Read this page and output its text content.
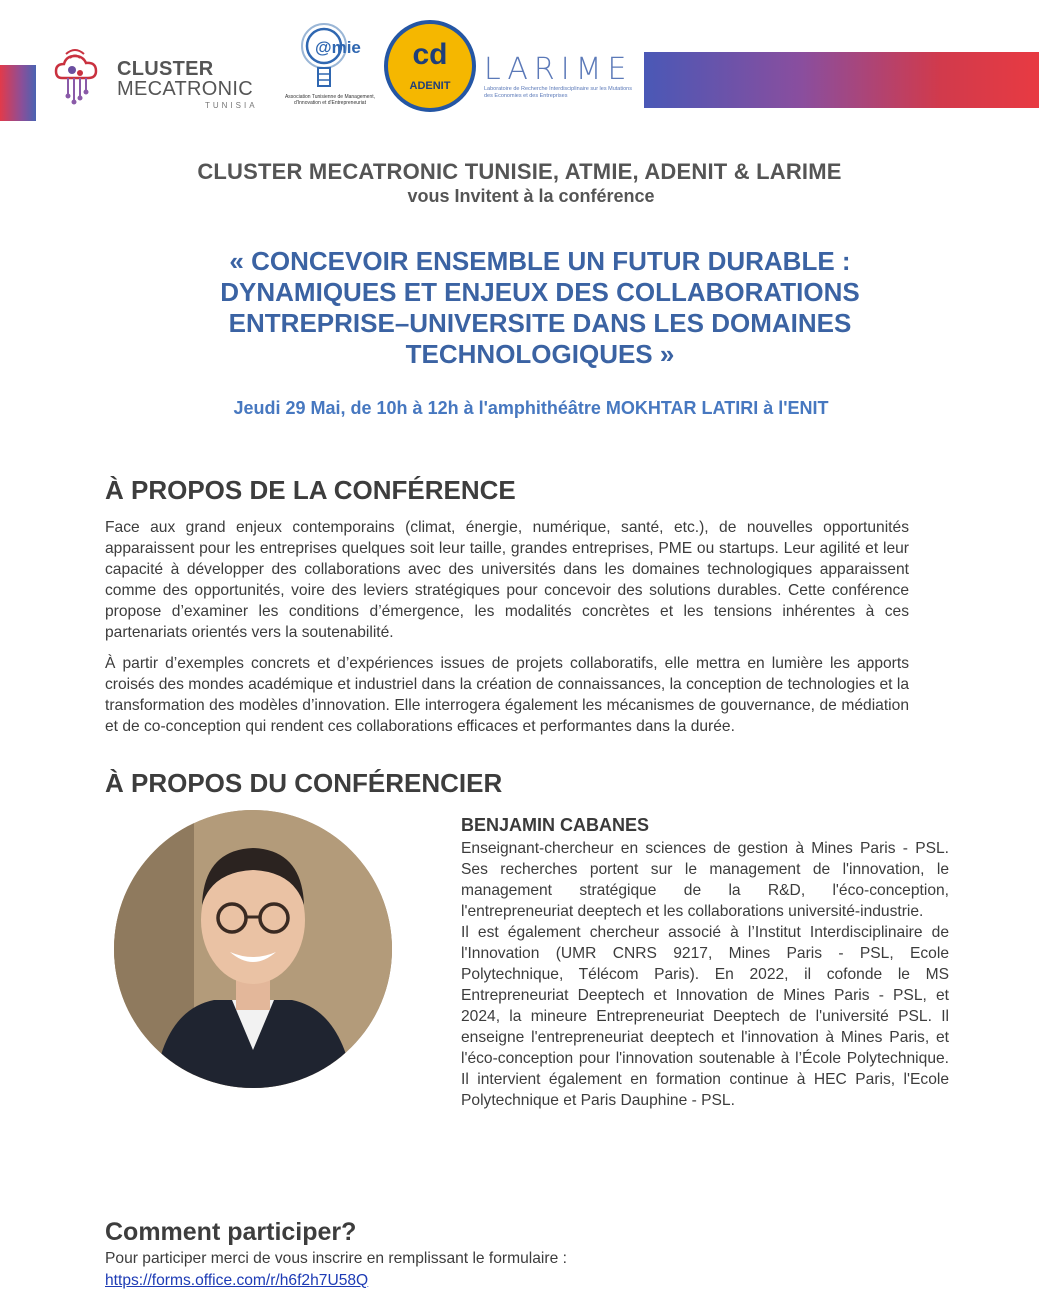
CLUSTER
MECATRONIC
TUNISIA
@mie
Association Tunisienne de Management, d'Innovation et d'Entrepreneuriat
cd
ADENIT	LARIME
Laboratoire de Recherche Interdisciplinaire sur les Mutations des Economies et des Entreprises
CLUSTER MECATRONIC TUNISIE, ATMIE, ADENIT & LARIME
vous Invitent à la conférence
« CONCEVOIR ENSEMBLE UN FUTUR DURABLE :
DYNAMIQUES ET ENJEUX DES COLLABORATIONS
ENTREPRISE–UNIVERSITE DANS LES DOMAINES
TECHNOLOGIQUES »
Jeudi 29 Mai, de 10h à 12h à l'amphithéâtre MOKHTAR LATIRI à l'ENIT
À PROPOS DE LA CONFÉRENCE
Face aux grand enjeux contemporains (climat, énergie, numérique, santé, etc.), de nouvelles opportunités apparaissent pour les entreprises quelques soit leur taille, grandes entreprises, PME ou startups. Leur agilité et leur capacité à développer des collaborations avec des universités dans les domaines technologiques apparaissent comme des opportunités, voire des leviers stratégiques pour concevoir des solutions durables. Cette conférence propose d’examiner les conditions d’émergence, les modalités concrètes et les tensions inhérentes à ces partenariats orientés vers la soutenabilité.
À partir d’exemples concrets et d’expériences issues de projets collaboratifs, elle mettra en lumière les apports croisés des mondes académique et industriel dans la création de connaissances, la conception de technologies et la transformation des modèles d’innovation. Elle interrogera également les mécanismes de gouvernance, de médiation et de co-conception qui rendent ces collaborations efficaces et performantes dans la durée.
À PROPOS DU CONFÉRENCIER
BENJAMIN CABANES

Enseignant-chercheur en sciences de gestion à Mines Paris - PSL. Ses recherches portent sur le management de l'innovation, le management stratégique de la R&D, l'éco-conception, l'entrepreneuriat deeptech et les collaborations université-industrie.

Il est également chercheur associé à l’Institut Interdisciplinaire de l'Innovation (UMR CNRS 9217, Mines Paris - PSL, Ecole Polytechnique, Télécom Paris). En 2022, il cofonde le MS Entrepreneuriat Deeptech et Innovation de Mines Paris - PSL, et 2024, la mineure Entrepreneuriat Deeptech de l'université PSL. Il enseigne l'entrepreneuriat deeptech et l'innovation à Mines Paris, et l'éco-conception pour l'innovation soutenable à l’École Polytechnique. Il intervient également en formation continue à HEC Paris, l'Ecole Polytechnique et Paris Dauphine - PSL.

Comment participer?
Pour participer merci de vous inscrire en remplissant le formulaire :
https://forms.office.com/r/h6f2h7U58Q
